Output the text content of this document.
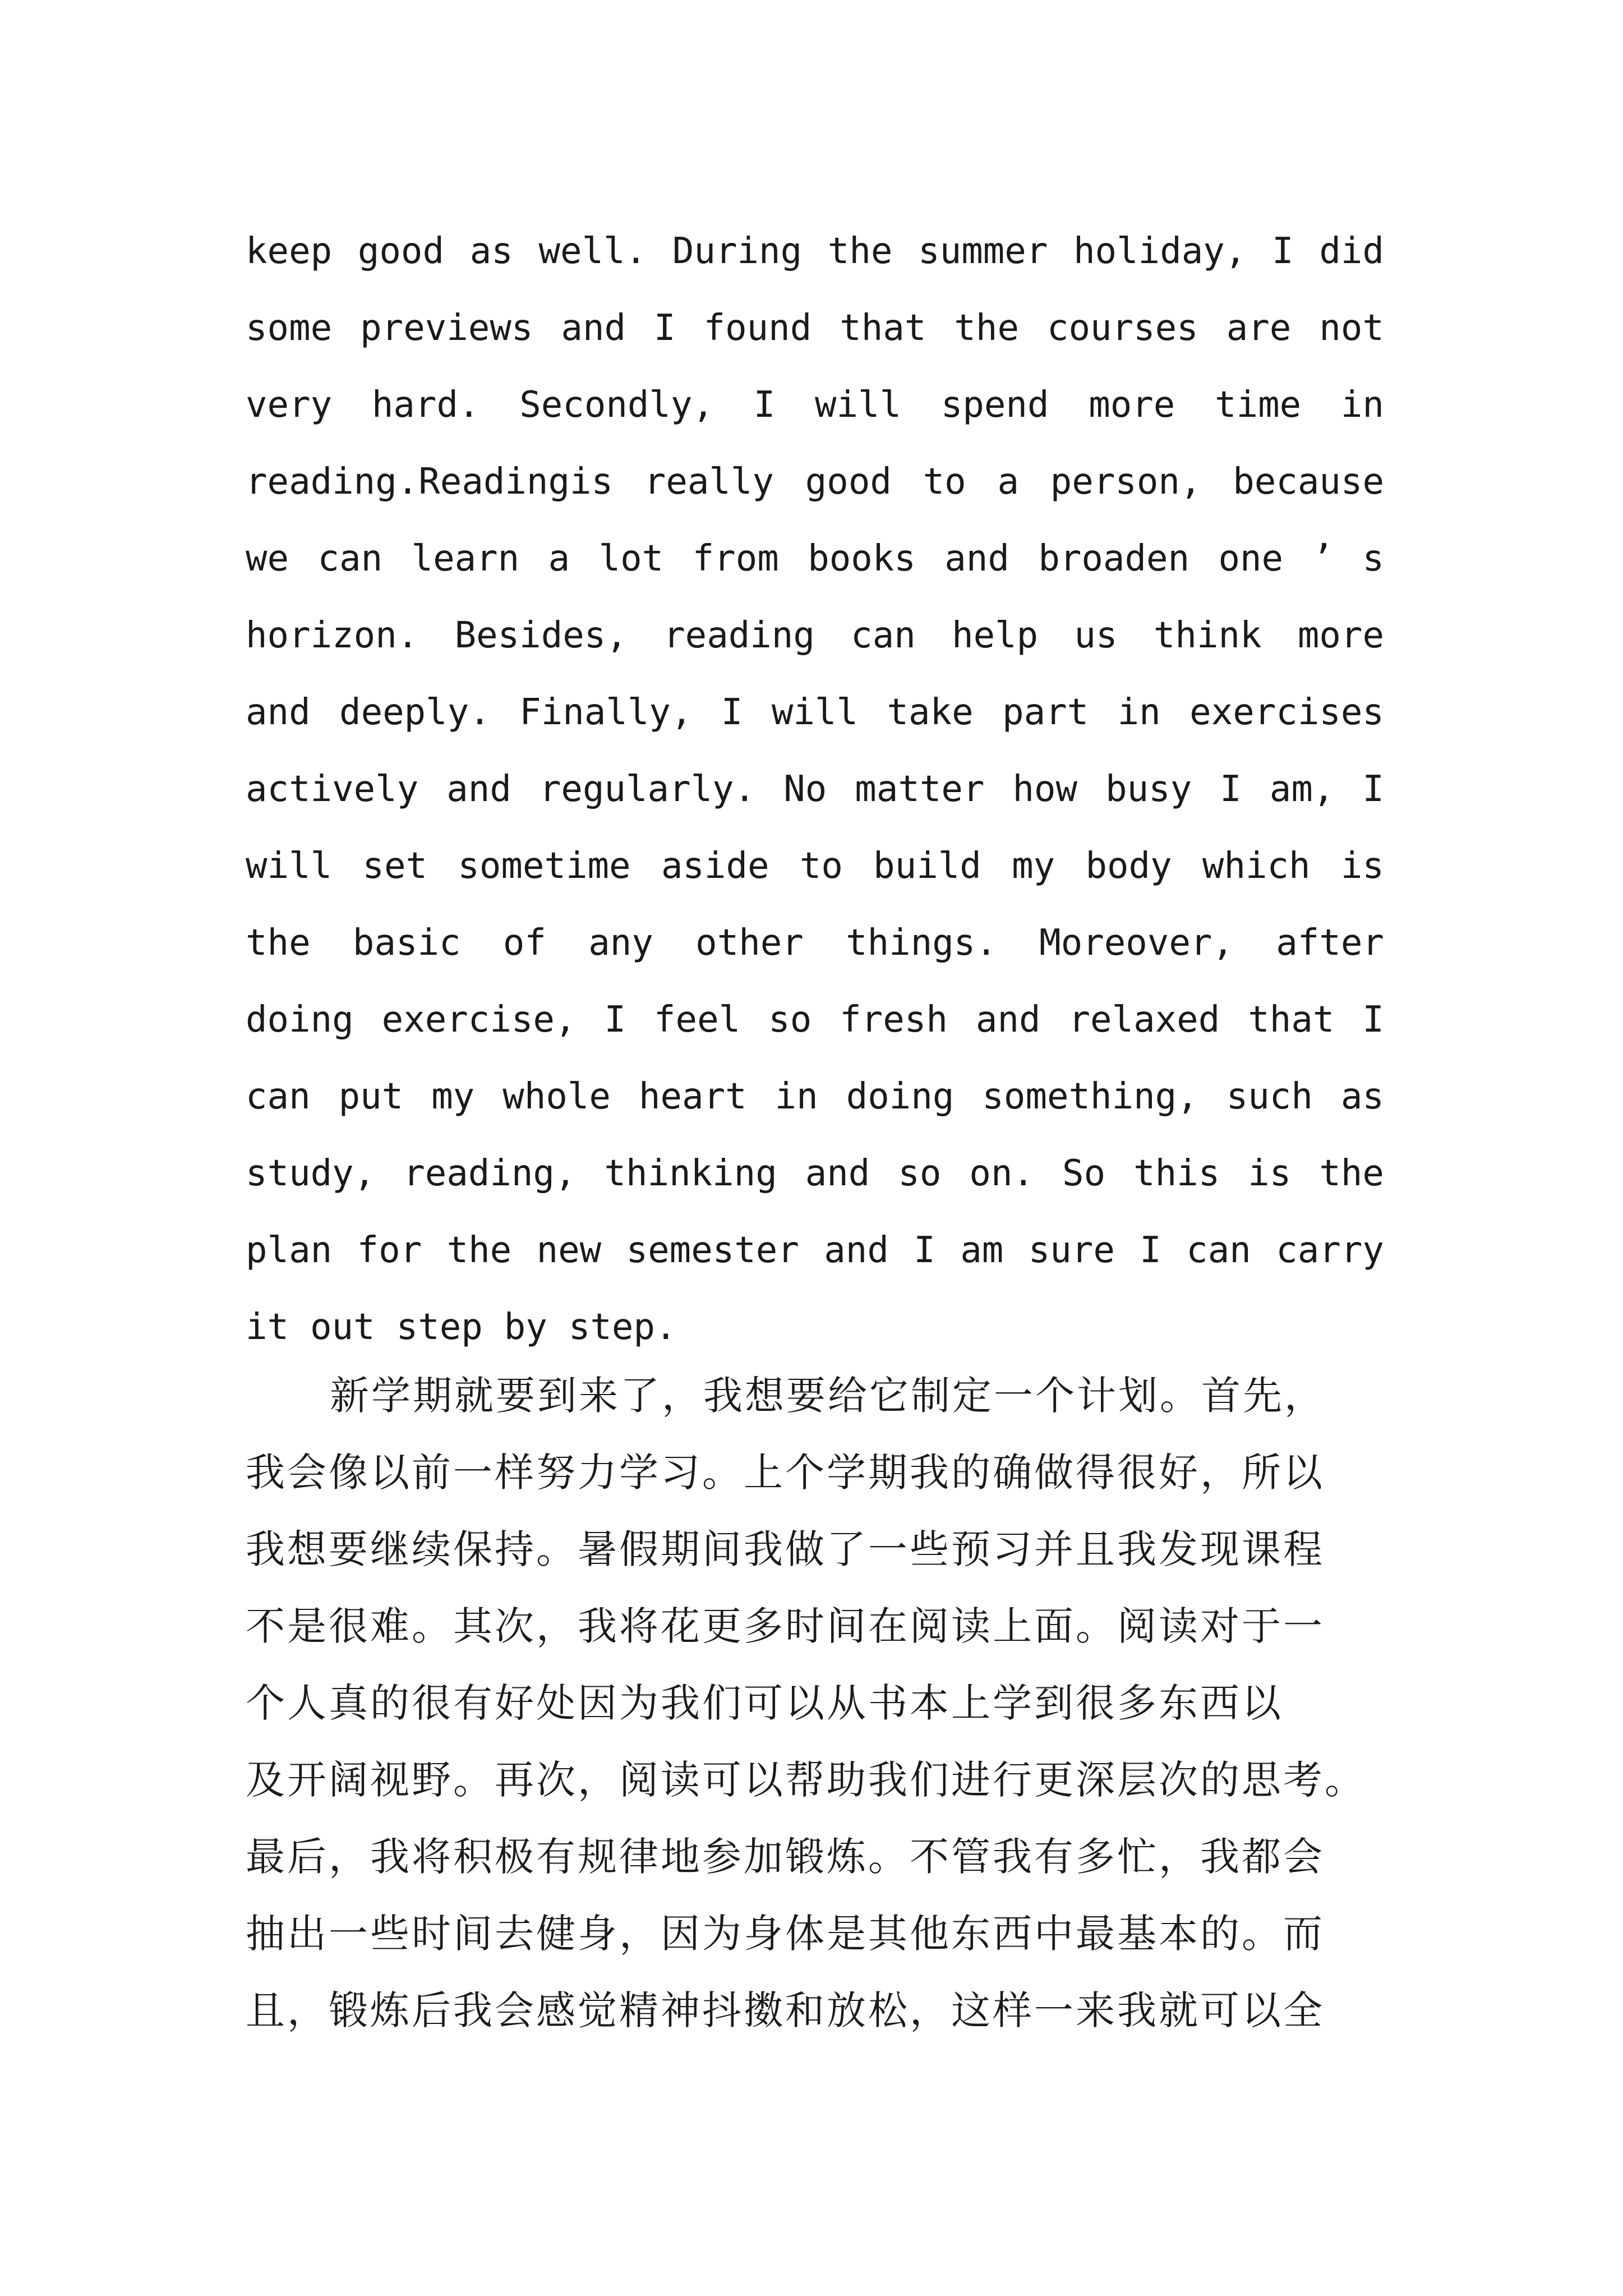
keep good as well. During the summer holiday, I did
some previews and I found that the courses are not
very hard. Secondly, I will spend more time in
reading.Readingis really good to a person, because
we can learn a lot from books and broaden one ’ s
horizon. Besides, reading can help us think more
and deeply. Finally, I will take part in exercises
actively and regularly. No matter how busy I am, I
will set sometime aside to build my body which is
the basic of any other things. Moreover, after
doing exercise, I feel so fresh and relaxed that I
can put my whole heart in doing something, such as
study, reading, thinking and so on. So this is the
plan for the new semester and I am sure I can carry
it out step by step.
新学期就要到来了，我想要给它制定一个计划。首先，
我会像以前一样努力学习。上个学期我的确做得很好，所以
我想要继续保持。暑假期间我做了一些预习并且我发现课程
不是很难。其次，我将花更多时间在阅读上面。阅读对于一
个人真的很有好处因为我们可以从书本上学到很多东西以
及开阔视野。再次，阅读可以帮助我们进行更深层次的思考。
最后，我将积极有规律地参加锻炼。不管我有多忙，我都会
抽出一些时间去健身，因为身体是其他东西中最基本的。而
且，锻炼后我会感觉精神抖擞和放松，这样一来我就可以全
